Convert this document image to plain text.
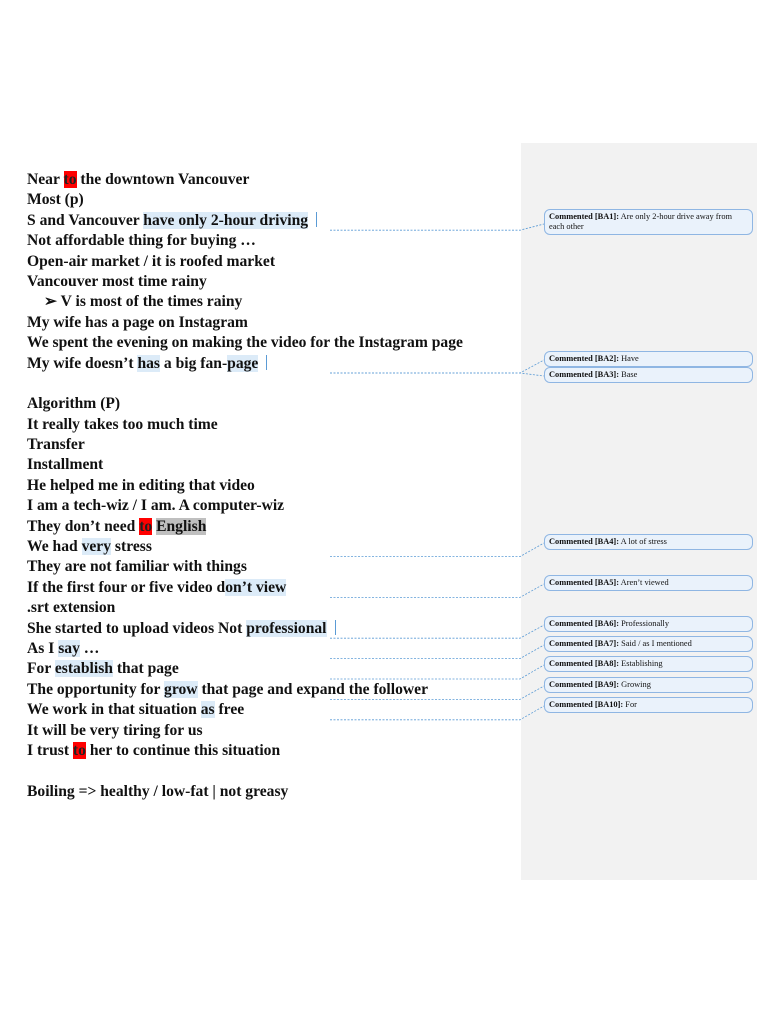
Near to the downtown Vancouver
Most (p)
S and Vancouver have only 2-hour driving
Not affordable thing for buying …
Open-air market / it is roofed market
Vancouver most time rainy
➢ V is most of the times rainy
My wife has a page on Instagram
We spent the evening on making the video for the Instagram page
My wife doesn’t has a big fan-page
Algorithm (P)
It really takes too much time
Transfer
Installment
He helped me in editing that video
I am a tech-wiz / I am. A computer-wiz
They don’t need to English
We had very stress
They are not familiar with things
If the first four or five video don’t view
.srt extension
She started to upload videos Not professional
As I say …
For establish that page
The opportunity for grow that page and expand the follower
We work in that situation as free
It will be very tiring for us
I trust to her to continue this situation
Boiling => healthy / low-fat | not greasy
Commented [BA1]: Are only 2-hour drive away from each other
Commented [BA2]: Have
Commented [BA3]: Base
Commented [BA4]: A lot of stress
Commented [BA5]: Aren’t viewed
Commented [BA6]: Professionally
Commented [BA7]: Said / as I mentioned
Commented [BA8]: Establishing
Commented [BA9]: Growing
Commented [BA10]: For
